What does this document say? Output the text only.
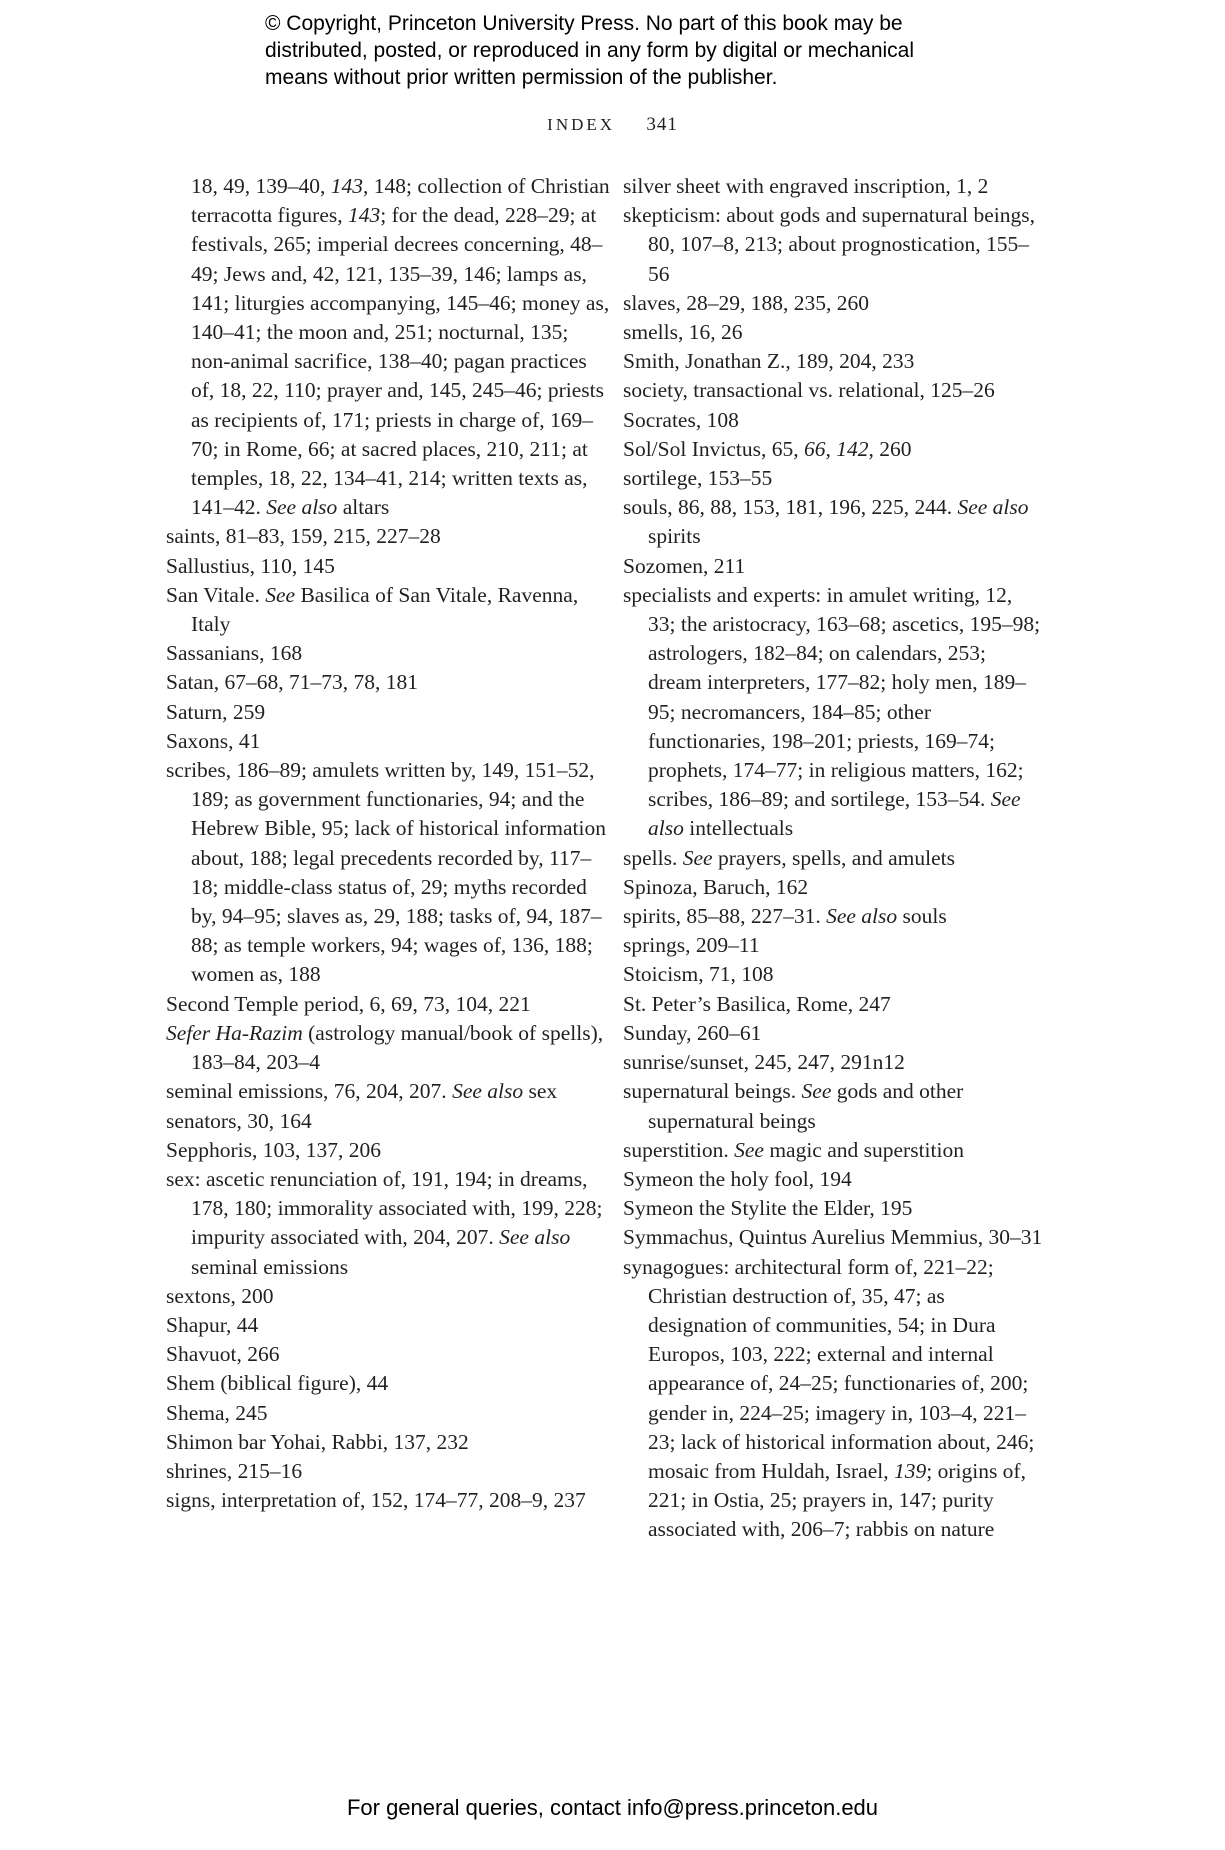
© Copyright, Princeton University Press. No part of this book may be
distributed, posted, or reproduced in any form by digital or mechanical
means without prior written permission of the publisher.
INDEX 341

18, 49, 139–40, 143, 148; collection of Christian terracotta figures, 143; for the dead, 228–29; at festivals, 265; imperial decrees concerning, 48–49; Jews and, 42, 121, 135–39, 146; lamps as, 141; liturgies accompanying, 145–46; money as, 140–41; the moon and, 251; nocturnal, 135; non-animal sacrifice, 138–40; pagan practices of, 18, 22, 110; prayer and, 145, 245–46; priests as recipients of, 171; priests in charge of, 169–70; in Rome, 66; at sacred places, 210, 211; at temples, 18, 22, 134–41, 214; written texts as, 141–42. See also altars

saints, 81–83, 159, 215, 227–28

Sallustius, 110, 145

San Vitale. See Basilica of San Vitale, Ravenna, Italy

Sassanians, 168

Satan, 67–68, 71–73, 78, 181

Saturn, 259

Saxons, 41

scribes, 186–89; amulets written by, 149, 151–52, 189; as government functionaries, 94; and the Hebrew Bible, 95; lack of historical information about, 188; legal precedents recorded by, 117–18; middle-class status of, 29; myths recorded by, 94–95; slaves as, 29, 188; tasks of, 94, 187–88; as temple workers, 94; wages of, 136, 188; women as, 188

Second Temple period, 6, 69, 73, 104, 221

Sefer Ha-Razim (astrology manual/book of spells), 183–84, 203–4

seminal emissions, 76, 204, 207. See also sex

senators, 30, 164

Sepphoris, 103, 137, 206

sex: ascetic renunciation of, 191, 194; in dreams, 178, 180; immorality associated with, 199, 228; impurity associated with, 204, 207. See also seminal emissions

sextons, 200

Shapur, 44

Shavuot, 266

Shem (biblical figure), 44

Shema, 245

Shimon bar Yohai, Rabbi, 137, 232

shrines, 215–16

signs, interpretation of, 152, 174–77, 208–9, 237

silver sheet with engraved inscription, 1, 2

skepticism: about gods and supernatural beings, 80, 107–8, 213; about prognostication, 155–56

slaves, 28–29, 188, 235, 260

smells, 16, 26

Smith, Jonathan Z., 189, 204, 233

society, transactional vs. relational, 125–26

Socrates, 108

Sol/Sol Invictus, 65, 66, 142, 260

sortilege, 153–55

souls, 86, 88, 153, 181, 196, 225, 244. See also spirits

Sozomen, 211

specialists and experts: in amulet writing, 12, 33; the aristocracy, 163–68; ascetics, 195–98; astrologers, 182–84; on calendars, 253; dream interpreters, 177–82; holy men, 189–95; necromancers, 184–85; other functionaries, 198–201; priests, 169–74; prophets, 174–77; in religious matters, 162; scribes, 186–89; and sortilege, 153–54. See also intellectuals

spells. See prayers, spells, and amulets

Spinoza, Baruch, 162

spirits, 85–88, 227–31. See also souls

springs, 209–11

Stoicism, 71, 108

St. Peter’s Basilica, Rome, 247

Sunday, 260–61

sunrise/sunset, 245, 247, 291n12

supernatural beings. See gods and other supernatural beings

superstition. See magic and superstition

Symeon the holy fool, 194

Symeon the Stylite the Elder, 195

Symmachus, Quintus Aurelius Memmius, 30–31

synagogues: architectural form of, 221–22; Christian destruction of, 35, 47; as designation of communities, 54; in Dura Europos, 103, 222; external and internal appearance of, 24–25; functionaries of, 200; gender in, 224–25; imagery in, 103–4, 221–23; lack of historical information about, 246; mosaic from Huldah, Israel, 139; origins of, 221; in Ostia, 25; prayers in, 147; purity associated with, 206–7; rabbis on nature

For general queries, contact info@press.princeton.edu
